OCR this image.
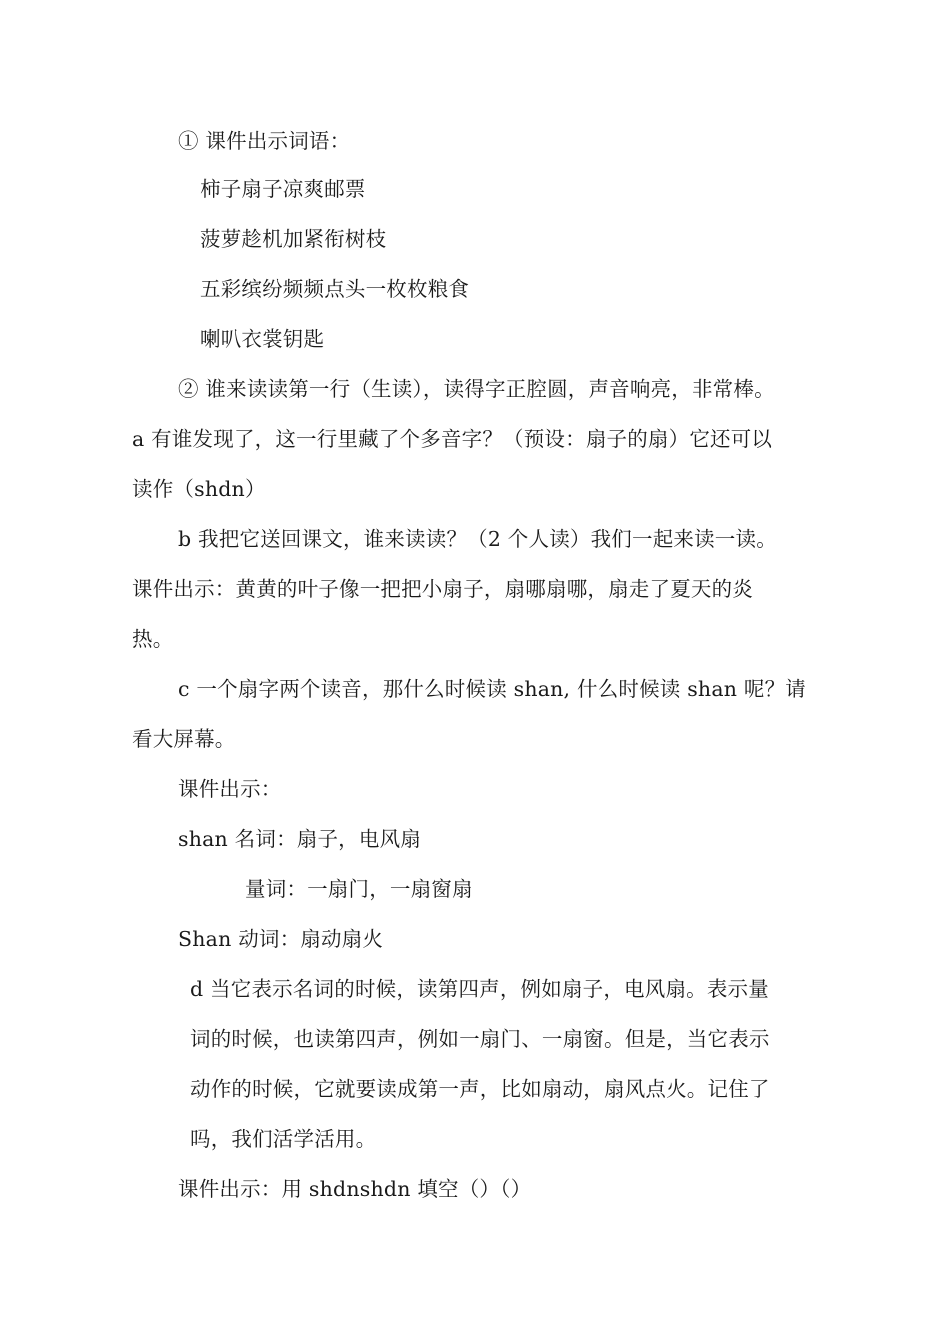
① 课件出示词语：
柿子扇子凉爽邮票
菠萝趁机加紧衔树枝
五彩缤纷频频点头一枚枚粮食
喇叭衣裳钥匙
② 谁来读读第一行（生读），读得字正腔圆，声音响亮，非常棒。
a 有谁发现了，这一行里藏了个多音字？（预设：扇子的扇）它还可以
读作（shdn）
b 我把它送回课文，谁来读读？（2 个人读）我们一起来读一读。
课件出示：黄黄的叶子像一把把小扇子，扇哪扇哪，扇走了夏天的炎
热。
c 一个扇字两个读音，那什么时候读 shan, 什么时候读 shan 呢？请
看大屏幕。
课件出示：
shan 名词：扇子，电风扇
量词：一扇门，一扇窗扇
Shan 动词：扇动扇火
d 当它表示名词的时候，读第四声，例如扇子，电风扇。表示量
词的时候，也读第四声，例如一扇门、一扇窗。但是，当它表示
动作的时候，它就要读成第一声，比如扇动，扇风点火。记住了
吗，我们活学活用。
课件出示：用 shdnshdn 填空（）（）
